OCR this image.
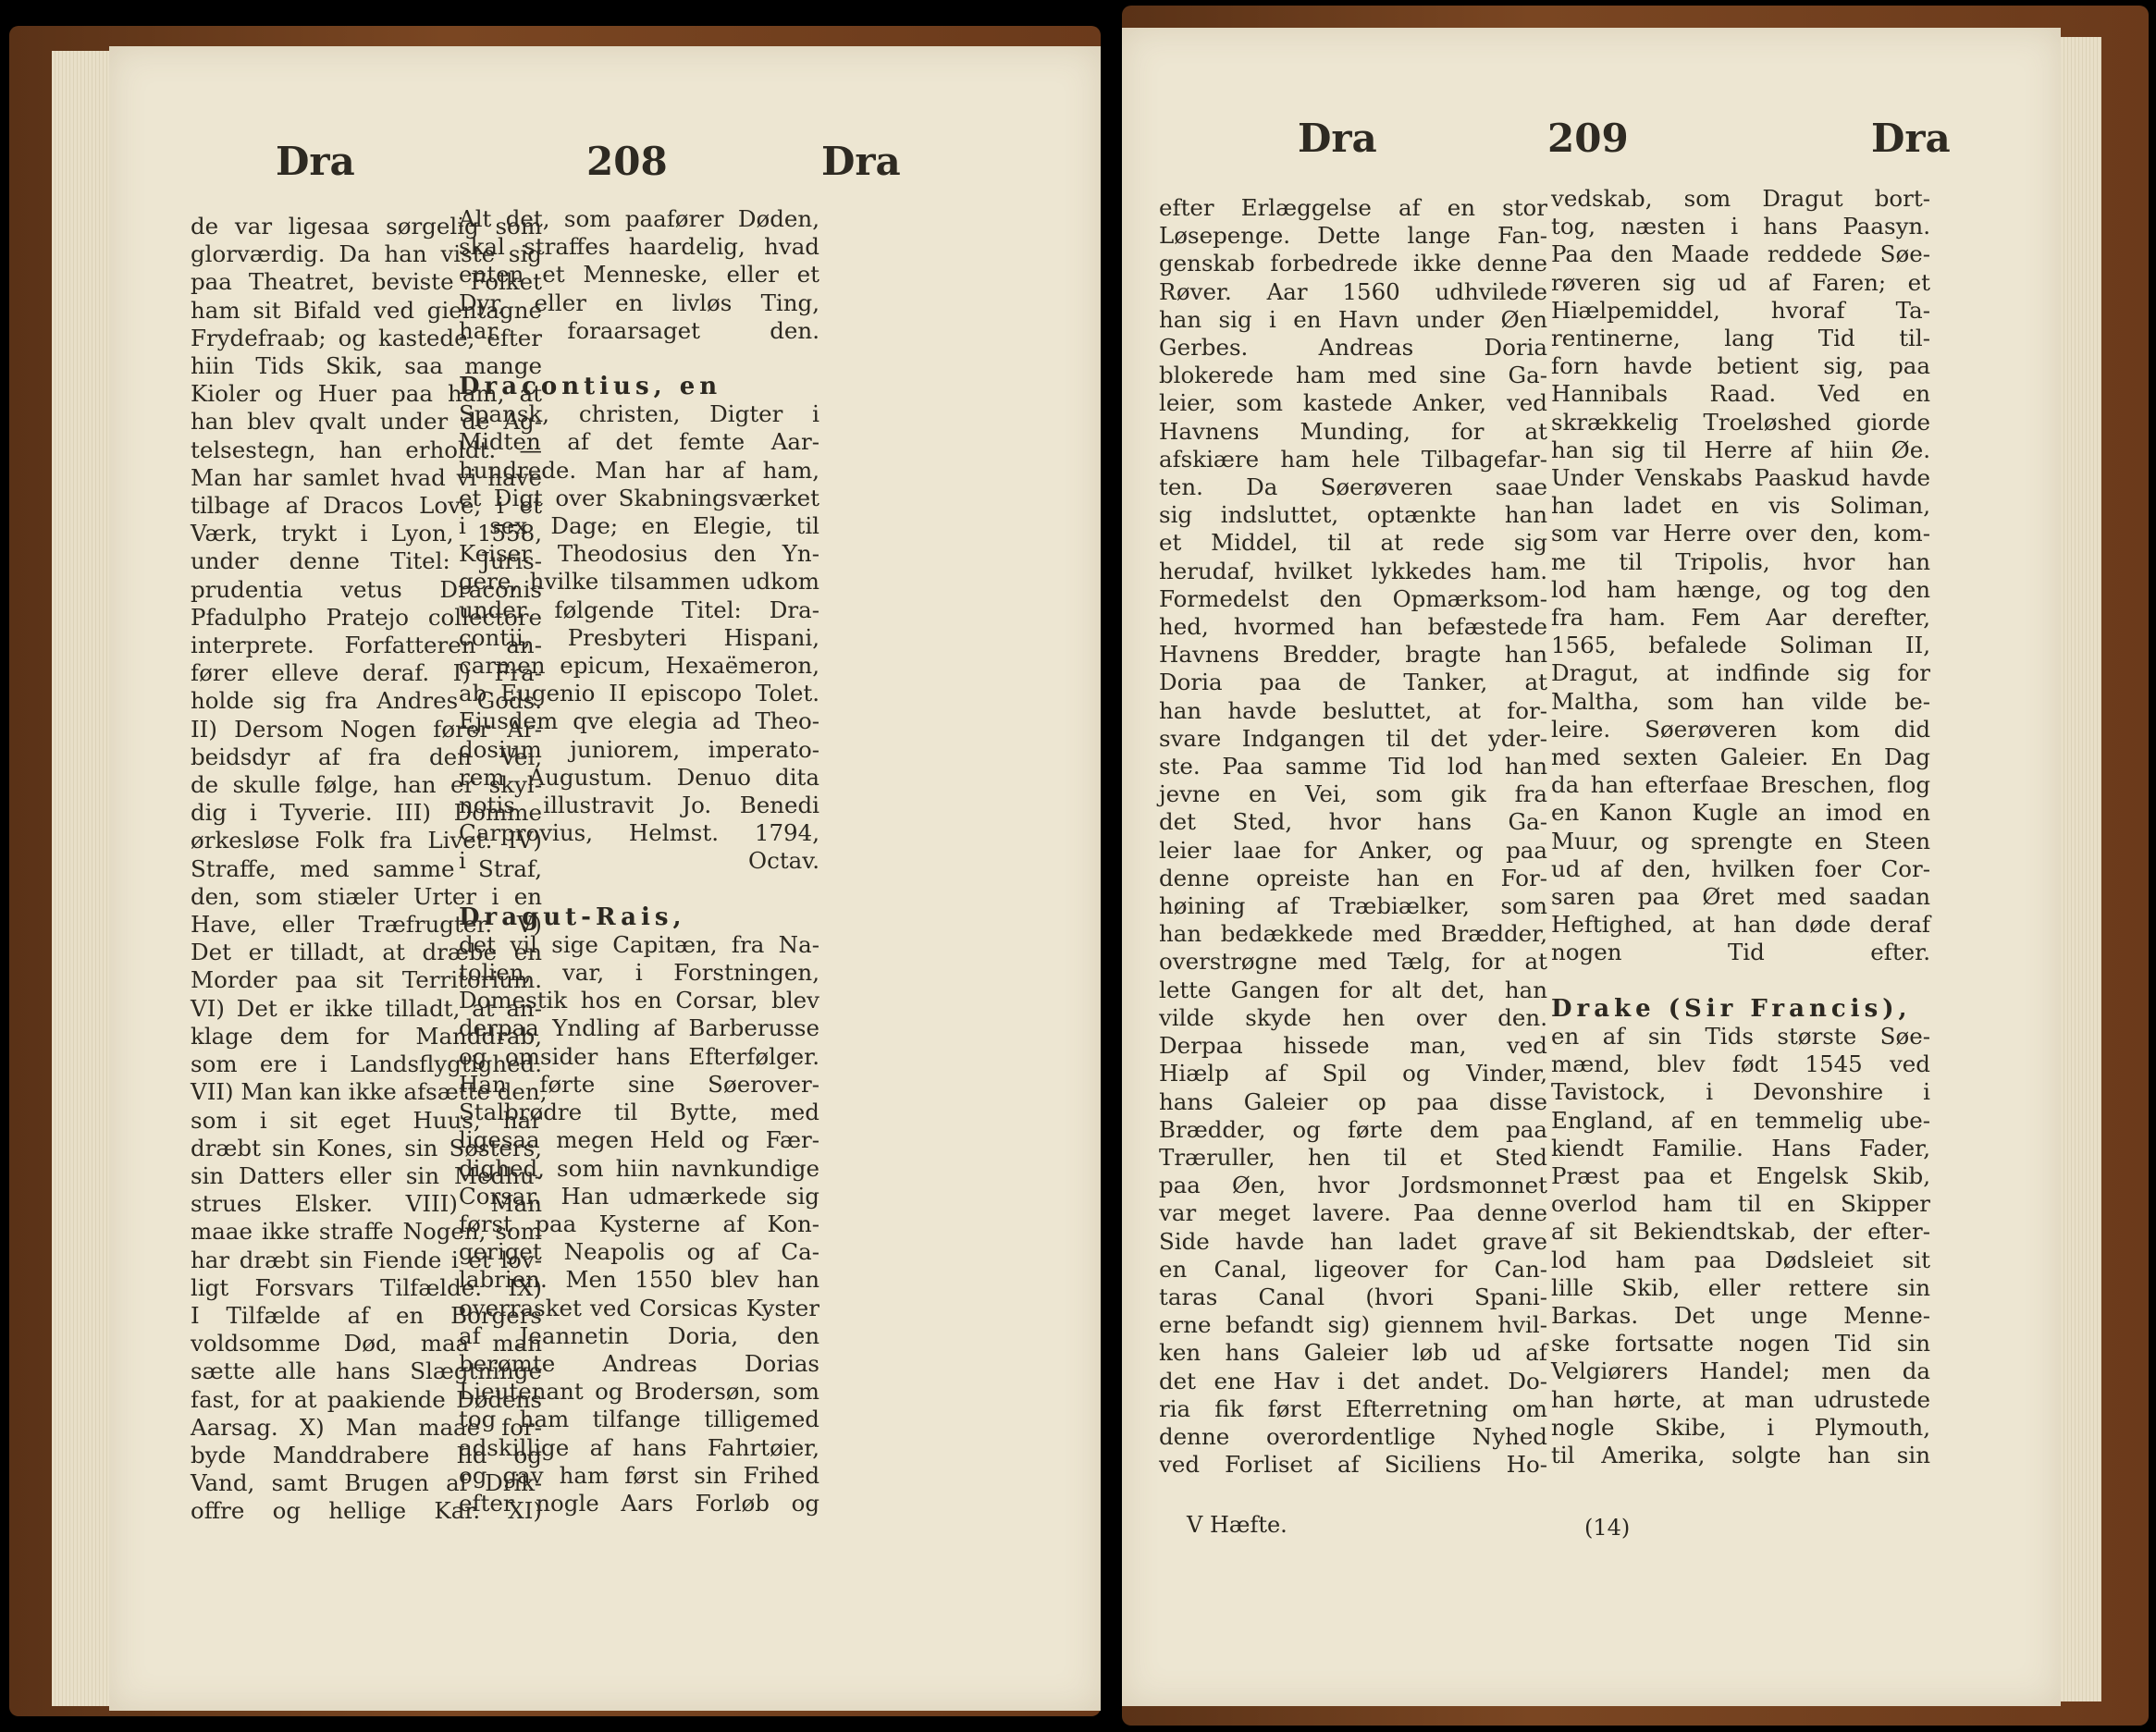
Dra	208	Dra
de var ligesaa sørgelig som
glorværdig. Da han viste sig
paa Theatret, beviste Folket
ham sit Bifald ved gientagne
Frydefraab; og kastede, efter
hiin Tids Skik, saa mange
Kioler og Huer paa ham, at
han blev qvalt under de Ag-
telsestegn, han erholdt. —
Man har samlet hvad vi have
tilbage af Dracos Love, i et
Værk, trykt i Lyon, 1558,
under denne Titel: Juris-
prudentia vetus Draconis
Pfadulpho Pratejo collectore
interprete. Forfatteren an-
fører elleve deraf. I) Fra-
holde sig fra Andres Gods.
II) Dersom Nogen fører Ar-
beidsdyr af fra den Vei,
de skulle følge, han er skyl-
dig i Tyverie. III) Domme
ørkesløse Folk fra Livet. IV)
Straffe, med samme Straf,
den, som stiæler Urter i en
Have, eller Træfrugter. V)
Det er tilladt, at dræbe en
Morder paa sit Territorium.
VI) Det er ikke tilladt, at an-
klage dem for Manddrab,
som ere i Landsflygtighed.
VII) Man kan ikke afsætte den,
som i sit eget Huus, har
dræbt sin Kones, sin Søsters,
sin Datters eller sin Medhu-
strues Elsker. VIII) Man
maae ikke straffe Nogen, som
har dræbt sin Fiende i et lov-
ligt Forsvars Tilfælde. IX)
I Tilfælde af en Borgers
voldsomme Død, maa man
sætte alle hans Slægtninge
fast, for at paakiende Dødens
Aarsag. X) Man maae for-
byde Manddrabere Ild og
Vand, samt Brugen af Drik-
offre og hellige Kar. XI)
Alt det, som paafører Døden,
skal straffes haardelig, hvad
enten et Menneske, eller et
Dyr, eller en livløs Ting,
har foraarsaget den.
Dracontius, en
Spansk, christen, Digter i
Midten af det femte Aar-
hundrede. Man har af ham,
et Digt over Skabningsværket
i sex Dage; en Elegie, til
Keiser Theodosius den Yn-
gere, hvilke tilsammen udkom
under følgende Titel: Dra-
contii, Presbyteri Hispani,
carmen epicum, Hexaëmeron,
ab Eugenio II episcopo Tolet.
Ejusdem qve elegia ad Theo-
dosium juniorem, imperato-
rem Augustum. Denuo dita
notis illustravit Jo. Benedi
Carprovius, Helmst. 1794,
i Octav.
Dragut-Rais,
det vil sige Capitæn, fra Na-
tolien, var, i Forstningen,
Domestik hos en Corsar, blev
derpaa Yndling af Barberusse
og omsider hans Efterfølger.
Han førte sine Søerover-
Stalbrødre til Bytte, med
ligesaa megen Held og Fær-
dighed, som hiin navnkundige
Corsar. Han udmærkede sig
først paa Kysterne af Kon-
geriget Neapolis og af Ca-
labrien. Men 1550 blev han
overrasket ved Corsicas Kyster
af Jeannetin Doria, den
berømte Andreas Dorias
Lieutenant og Brodersøn, som
tog ham tilfange tilligemed
adskillige af hans Fahrtøier,
og gav ham først sin Frihed
efter nogle Aars Forløb og
Dra	209	Dra
efter Erlæggelse af en stor
Løsepenge. Dette lange Fan-
genskab forbedrede ikke denne
Røver. Aar 1560 udhvilede
han sig i en Havn under Øen
Gerbes. Andreas Doria
blokerede ham med sine Ga-
leier, som kastede Anker, ved
Havnens Munding, for at
afskiære ham hele Tilbagefar-
ten. Da Søerøveren saae
sig indsluttet, optænkte han
et Middel, til at rede sig
herudaf, hvilket lykkedes ham.
Formedelst den Opmærksom-
hed, hvormed han befæstede
Havnens Bredder, bragte han
Doria paa de Tanker, at
han havde besluttet, at for-
svare Indgangen til det yder-
ste. Paa samme Tid lod han
jevne en Vei, som gik fra
det Sted, hvor hans Ga-
leier laae for Anker, og paa
denne opreiste han en For-
høining af Træbiælker, som
han bedækkede med Brædder,
overstrøgne med Tælg, for at
lette Gangen for alt det, han
vilde skyde hen over den.
Derpaa hissede man, ved
Hiælp af Spil og Vinder,
hans Galeier op paa disse
Brædder, og førte dem paa
Træruller, hen til et Sted
paa Øen, hvor Jordsmonnet
var meget lavere. Paa denne
Side havde han ladet grave
en Canal, ligeover for Can-
taras Canal (hvori Spani-
erne befandt sig) giennem hvil-
ken hans Galeier løb ud af
det ene Hav i det andet. Do-
ria fik først Efterretning om
denne overordentlige Nyhed
ved Forliset af Siciliens Ho-
V Hæfte.
vedskab, som Dragut bort-
tog, næsten i hans Paasyn.
Paa den Maade reddede Søe-
røveren sig ud af Faren; et
Hiælpemiddel, hvoraf Ta-
rentinerne, lang Tid til-
forn havde betient sig, paa
Hannibals Raad. Ved en
skrækkelig Troeløshed giorde
han sig til Herre af hiin Øe.
Under Venskabs Paaskud havde
han ladet en vis Soliman,
som var Herre over den, kom-
me til Tripolis, hvor han
lod ham hænge, og tog den
fra ham. Fem Aar derefter,
1565, befalede Soliman II,
Dragut, at indfinde sig for
Maltha, som han vilde be-
leire. Søerøveren kom did
med sexten Galeier. En Dag
da han efterfaae Breschen, flog
en Kanon Kugle an imod en
Muur, og sprengte en Steen
ud af den, hvilken foer Cor-
saren paa Øret med saadan
Heftighed, at han døde deraf
nogen Tid efter.
Drake (Sir Francis),
en af sin Tids største Søe-
mænd, blev født 1545 ved
Tavistock, i Devonshire i
England, af en temmelig ube-
kiendt Familie. Hans Fader,
Præst paa et Engelsk Skib,
overlod ham til en Skipper
af sit Bekiendtskab, der efter-
lod ham paa Dødsleiet sit
lille Skib, eller rettere sin
Barkas. Det unge Menne-
ske fortsatte nogen Tid sin
Velgiørers Handel; men da
han hørte, at man udrustede
nogle Skibe, i Plymouth,
til Amerika, solgte han sin
(14)
